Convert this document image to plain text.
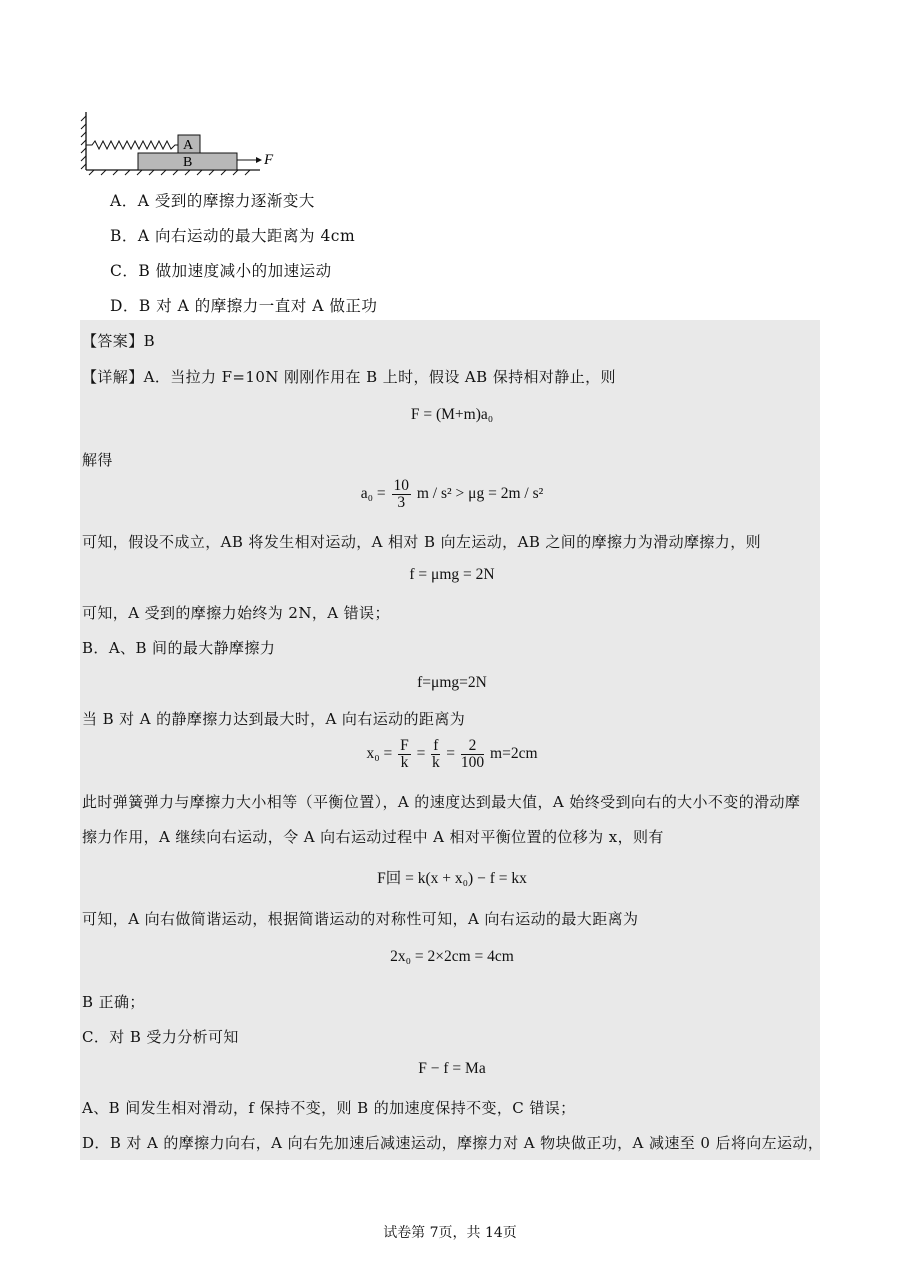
A
B	F
A．A 受到的摩擦力逐渐变大
B．A 向右运动的最大距离为 4cm
C．B 做加速度减小的加速运动
D．B 对 A 的摩擦力一直对 A 做正功
【答案】B
【详解】A．当拉力 F=10N 刚刚作用在 B 上时，假设 AB 保持相对静止，则
F = (M+m)a₀
解得
$a_0 = \frac{10}{3}$ m / s² > μg = 2m / s²
可知，假设不成立，AB 将发生相对运动，A 相对 B 向左运动，AB 之间的摩擦力为滑动摩擦力，则
f = μmg = 2N
可知，A 受到的摩擦力始终为 2N，A 错误；
B．A、B 间的最大静摩擦力
f=μmg=2N
当 B 对 A 的静摩擦力达到最大时，A 向右运动的距离为
$x_0 = \frac{F}{k} = \frac{f}{k} = \frac{2}{100} m=2cm$
此时弹簧弹力与摩擦力大小相等（平衡位置），A 的速度达到最大值，A 始终受到向右的大小不变的滑动摩
擦力作用，A 继续向右运动，令 A 向右运动过程中 A 相对平衡位置的位移为 x，则有
F回 = k(x + x₀) − f = kx
可知，A 向右做简谐运动，根据简谐运动的对称性可知，A 向右运动的最大距离为
2x₀ = 2×2cm = 4cm
B 正确；
C．对 B 受力分析可知
F − f = Ma
A、B 间发生相对滑动，f 保持不变，则 B 的加速度保持不变，C 错误；
D．B 对 A 的摩擦力向右，A 向右先加速后减速运动，摩擦力对 A 物块做正功，A 减速至 0 后将向左运动，
试卷第 7页，共 14页
